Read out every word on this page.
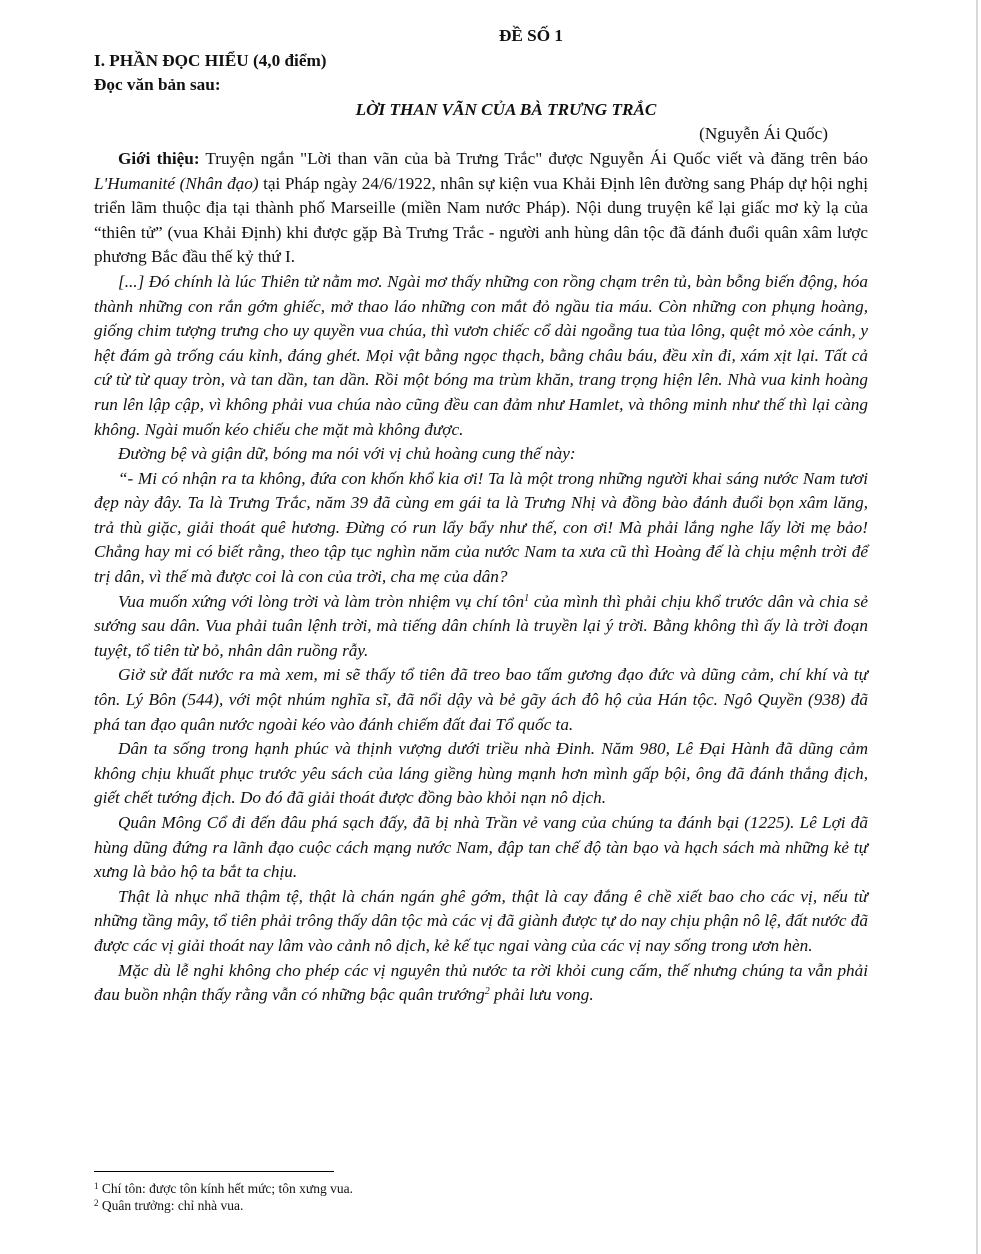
ĐỀ SỐ 1
I. PHẦN ĐỌC HIỂU (4,0 điểm)
Đọc văn bản sau:
LỜI THAN VÃN CỦA BÀ TRƯNG TRẮC
(Nguyễn Ái Quốc)

Giới thiệu: Truyện ngắn "Lời than vãn của bà Trưng Trắc" được Nguyễn Ái Quốc viết và đăng trên báo L'Humanité (Nhân đạo) tại Pháp ngày 24/6/1922, nhân sự kiện vua Khải Định lên đường sang Pháp dự hội nghị triển lãm thuộc địa tại thành phố Marseille (miền Nam nước Pháp). Nội dung truyện kể lại giấc mơ kỳ lạ của “thiên tử” (vua Khải Định) khi được gặp Bà Trưng Trắc - người anh hùng dân tộc đã đánh đuổi quân xâm lược phương Bắc đầu thế kỷ thứ I.

[...] Đó chính là lúc Thiên tử nằm mơ. Ngài mơ thấy những con rồng chạm trên tủ, bàn bỗng biến động, hóa thành những con rắn gớm ghiếc, mở thao láo những con mắt đỏ ngầu tia máu. Còn những con phụng hoàng, giống chim tượng trưng cho uy quyền vua chúa, thì vươn chiếc cổ dài ngoẵng tua tủa lông, quệt mỏ xòe cánh, y hệt đám gà trống cáu kỉnh, đáng ghét. Mọi vật bằng ngọc thạch, bằng châu báu, đều xỉn đi, xám xịt lại. Tất cả cứ từ từ quay tròn, và tan dần, tan dần. Rồi một bóng ma trùm khăn, trang trọng hiện lên. Nhà vua kinh hoàng run lên lập cập, vì không phải vua chúa nào cũng đều can đảm như Hamlet, và thông minh như thế thì lại càng không. Ngài muốn kéo chiếu che mặt mà không được.

Đường bệ và giận dữ, bóng ma nói với vị chủ hoàng cung thế này:

“- Mi có nhận ra ta không, đứa con khốn khổ kia ơi! Ta là một trong những người khai sáng nước Nam tươi đẹp này đây. Ta là Trưng Trắc, năm 39 đã cùng em gái ta là Trưng Nhị và đồng bào đánh đuổi bọn xâm lăng, trả thù giặc, giải thoát quê hương. Đừng có run lẩy bẩy như thế, con ơi! Mà phải lắng nghe lấy lời mẹ bảo! Chẳng hay mi có biết rằng, theo tập tục nghìn năm của nước Nam ta xưa cũ thì Hoàng đế là chịu mệnh trời để trị dân, vì thế mà được coi là con của trời, cha mẹ của dân?

Vua muốn xứng với lòng trời và làm tròn nhiệm vụ chí tôn$^1$ của mình thì phải chịu khổ trước dân và chia sẻ sướng sau dân. Vua phải tuân lệnh trời, mà tiếng dân chính là truyền lại ý trời. Bằng không thì ấy là trời đoạn tuyệt, tổ tiên từ bỏ, nhân dân ruồng rẫy.

Giở sử đất nước ra mà xem, mi sẽ thấy tổ tiên đã treo bao tấm gương đạo đức và dũng cảm, chí khí và tự tôn. Lý Bôn (544), với một nhúm nghĩa sĩ, đã nổi dậy và bẻ gãy ách đô hộ của Hán tộc. Ngô Quyền (938) đã phá tan đạo quân nước ngoài kéo vào đánh chiếm đất đai Tổ quốc ta.

Dân ta sống trong hạnh phúc và thịnh vượng dưới triều nhà Đinh. Năm 980, Lê Đại Hành đã dũng cảm không chịu khuất phục trước yêu sách của láng giềng hùng mạnh hơn mình gấp bội, ông đã đánh thắng địch, giết chết tướng địch. Do đó đã giải thoát được đồng bào khỏi nạn nô dịch.

Quân Mông Cổ đi đến đâu phá sạch đấy, đã bị nhà Trần vẻ vang của chúng ta đánh bại (1225). Lê Lợi đã hùng dũng đứng ra lãnh đạo cuộc cách mạng nước Nam, đập tan chế độ tàn bạo và hạch sách mà những kẻ tự xưng là bảo hộ ta bắt ta chịu.

Thật là nhục nhã thậm tệ, thật là chán ngán ghê gớm, thật là cay đắng ê chề xiết bao cho các vị, nếu từ những tầng mây, tổ tiên phải trông thấy dân tộc mà các vị đã giành được tự do nay chịu phận nô lệ, đất nước đã được các vị giải thoát nay lâm vào cảnh nô dịch, kẻ kế tục ngai vàng của các vị nay sống trong ươn hèn.

Mặc dù lễ nghi không cho phép các vị nguyên thủ nước ta rời khỏi cung cấm, thế nhưng chúng ta vẫn phải đau buồn nhận thấy rằng vẫn có những bậc quân trướng$^2$ phải lưu vong.

$^1$ Chí tôn: được tôn kính hết mức; tôn xưng vua.
$^2$ Quân trưởng: chỉ nhà vua.
